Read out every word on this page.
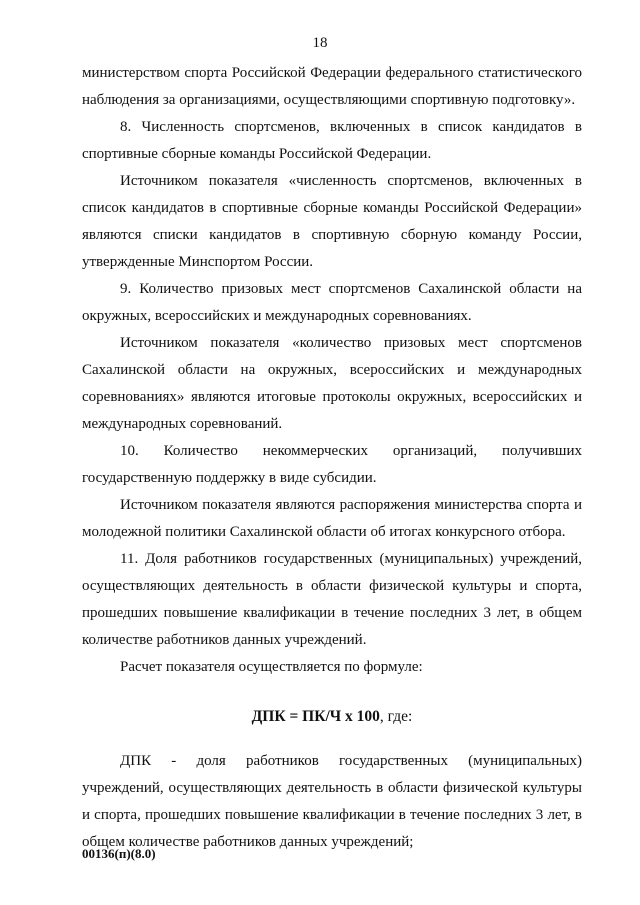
18

министерством спорта Российской Федерации федерального статистического наблюдения за организациями, осуществляющими спортивную подготовку».

8. Численность спортсменов, включенных в список кандидатов в спортивные сборные команды Российской Федерации.

Источником показателя «численность спортсменов, включенных в список кандидатов в спортивные сборные команды Российской Федерации» являются списки кандидатов в спортивную сборную команду России, утвержденные Минспортом России.

9. Количество призовых мест спортсменов Сахалинской области на окружных, всероссийских и международных соревнованиях.

Источником показателя «количество призовых мест спортсменов Сахалинской области на окружных, всероссийских и международных соревнованиях» являются итоговые протоколы окружных, всероссийских и международных соревнований.

10. Количество некоммерческих организаций, получивших государственную поддержку в виде субсидии.

Источником показателя являются распоряжения министерства спорта и молодежной политики Сахалинской области об итогах конкурсного отбора.

11. Доля работников государственных (муниципальных) учреждений, осуществляющих деятельность в области физической культуры и спорта, прошедших повышение квалификации в течение последних 3 лет, в общем количестве работников данных учреждений.

Расчет показателя осуществляется по формуле:

ДПК = ПК/Ч х 100, где:

ДПК - доля работников государственных (муниципальных) учреждений, осуществляющих деятельность в области физической культуры и спорта, прошедших повышение квалификации в течение последних 3 лет, в общем количестве работников данных учреждений;

00136(п)(8.0)
